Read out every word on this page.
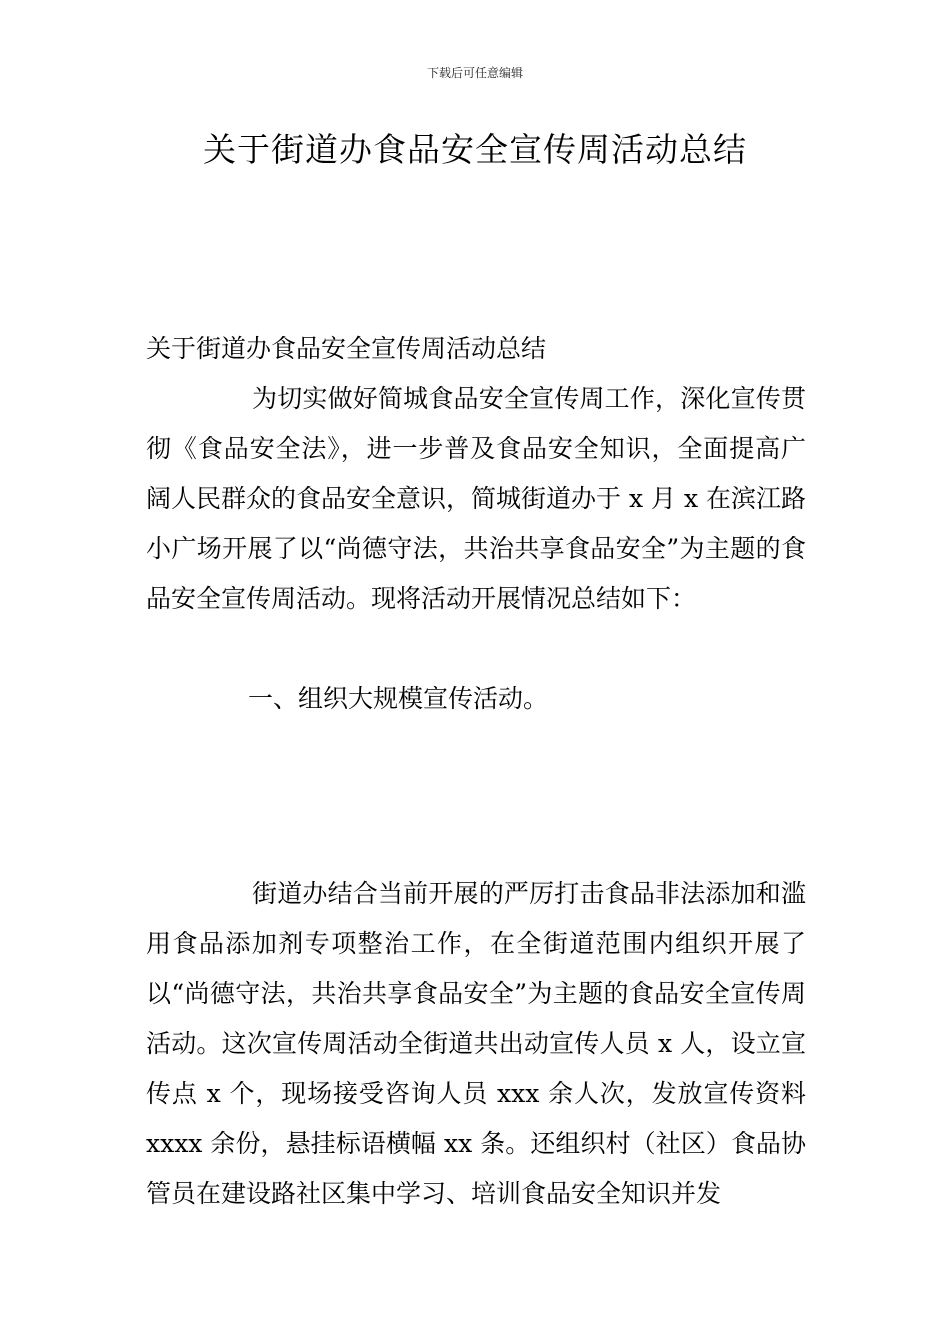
下载后可任意编辑
关于街道办食品安全宣传周活动总结

关于街道办食品安全宣传周活动总结

为切实做好简城食品安全宣传周工作，深化宣传贯彻《食品安全法》，进一步普及食品安全知识，全面提高广阔人民群众的食品安全意识，简城街道办于 x 月 x 在滨江路小广场开展了以“尚德守法，共治共享食品安全”为主题的食品安全宣传周活动。现将活动开展情况总结如下：

一、组织大规模宣传活动。

街道办结合当前开展的严厉打击食品非法添加和滥用食品添加剂专项整治工作，在全街道范围内组织开展了以“尚德守法，共治共享食品安全”为主题的食品安全宣传周活动。这次宣传周活动全街道共出动宣传人员 x 人，设立宣传点 x 个，现场接受咨询人员 xxx 余人次，发放宣传资料 xxxx 余份，悬挂标语横幅 xx 条。还组织村（社区）食品协管员在建设路社区集中学习、培训食品安全知识并发
